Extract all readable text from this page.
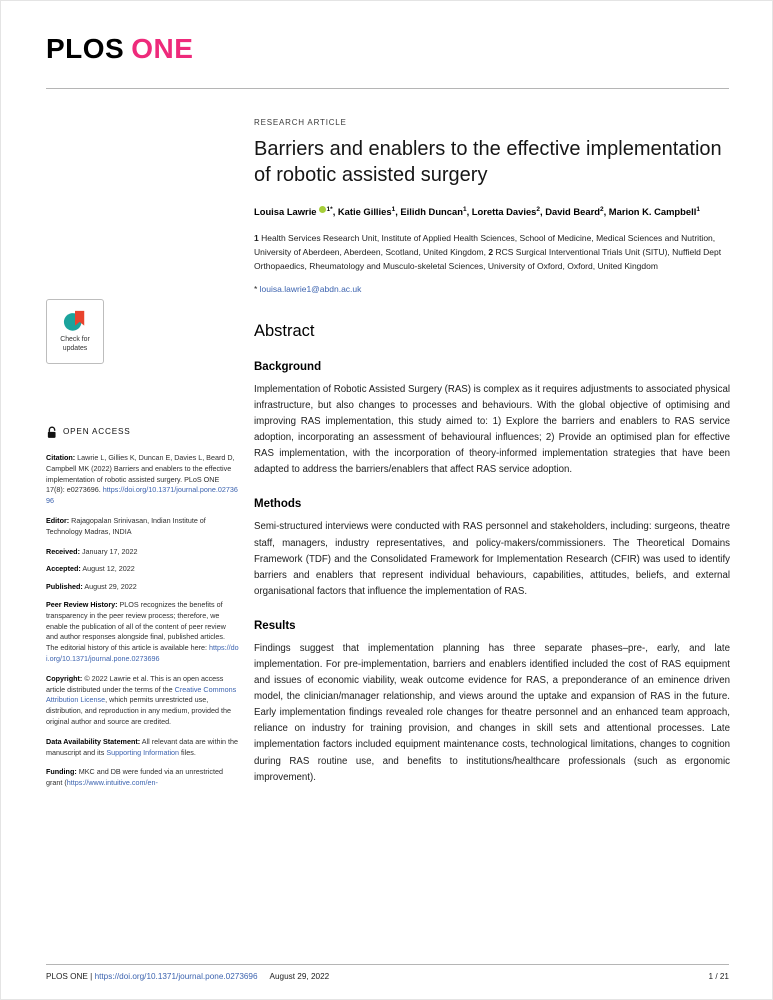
PLOS ONE
Check for
updates
OPEN ACCESS

Citation: Lawrie L, Gillies K, Duncan E, Davies L, Beard D, Campbell MK (2022) Barriers and enablers to the effective implementation of robotic assisted surgery. PLoS ONE 17(8): e0273696. https://doi.org/10.1371/journal.pone.0273696

Editor: Rajagopalan Srinivasan, Indian Institute of Technology Madras, INDIA

Received: January 17, 2022

Accepted: August 12, 2022

Published: August 29, 2022

Peer Review History: PLOS recognizes the benefits of transparency in the peer review process; therefore, we enable the publication of all of the content of peer review and author responses alongside final, published articles. The editorial history of this article is available here: https://doi.org/10.1371/journal.pone.0273696

Copyright: © 2022 Lawrie et al. This is an open access article distributed under the terms of the Creative Commons Attribution License, which permits unrestricted use, distribution, and reproduction in any medium, provided the original author and source are credited.

Data Availability Statement: All relevant data are within the manuscript and its Supporting Information files.

Funding: MKC and DB were funded via an unrestricted grant (https://www.intuitive.com/en-

RESEARCH ARTICLE
Barriers and enablers to the effective implementation of robotic assisted surgery

Louisa Lawrie $^{1*}$, Katie Gillies$^1$, Eilidh Duncan$^1$, Loretta Davies$^2$, David Beard$^2$, Marion K. Campbell$^1$

1 Health Services Research Unit, Institute of Applied Health Sciences, School of Medicine, Medical Sciences and Nutrition, University of Aberdeen, Aberdeen, Scotland, United Kingdom, 2 RCS Surgical Interventional Trials Unit (SITU), Nuffield Dept Orthopaedics, Rheumatology and Musculo-skeletal Sciences, University of Oxford, Oxford, United Kingdom

* louisa.lawrie1@abdn.ac.uk

Abstract
Background

Implementation of Robotic Assisted Surgery (RAS) is complex as it requires adjustments to associated physical infrastructure, but also changes to processes and behaviours. With the global objective of optimising and improving RAS implementation, this study aimed to: 1) Explore the barriers and enablers to RAS service adoption, incorporating an assessment of behavioural influences; 2) Provide an optimised plan for effective RAS implementation, with the incorporation of theory-informed implementation strategies that have been adapted to address the barriers/enablers that affect RAS service adoption.

Methods

Semi-structured interviews were conducted with RAS personnel and stakeholders, including: surgeons, theatre staff, managers, industry representatives, and policy-makers/commissioners. The Theoretical Domains Framework (TDF) and the Consolidated Framework for Implementation Research (CFIR) was used to identify barriers and enablers that represent individual behaviours, capabilities, attitudes, beliefs, and external organisational factors that influence the implementation of RAS.

Results

Findings suggest that implementation planning has three separate phases–pre-, early, and late implementation. For pre-implementation, barriers and enablers identified included the cost of RAS equipment and issues of economic viability, weak outcome evidence for RAS, a preponderance of an eminence driven model, the clinician/manager relationship, and views around the uptake and expansion of RAS in the future. Early implementation findings revealed role changes for theatre personnel and an enhanced team approach, reliance on industry for training provision, and changes in skill sets and attentional processes. Late implementation factors included equipment maintenance costs, technological limitations, changes to cognition during RAS routine use, and benefits to institutions/healthcare professionals (such as ergonomic improvement).

PLOS ONE | https://doi.org/10.1371/journal.pone.0273696 August 29, 2022	1 / 21
